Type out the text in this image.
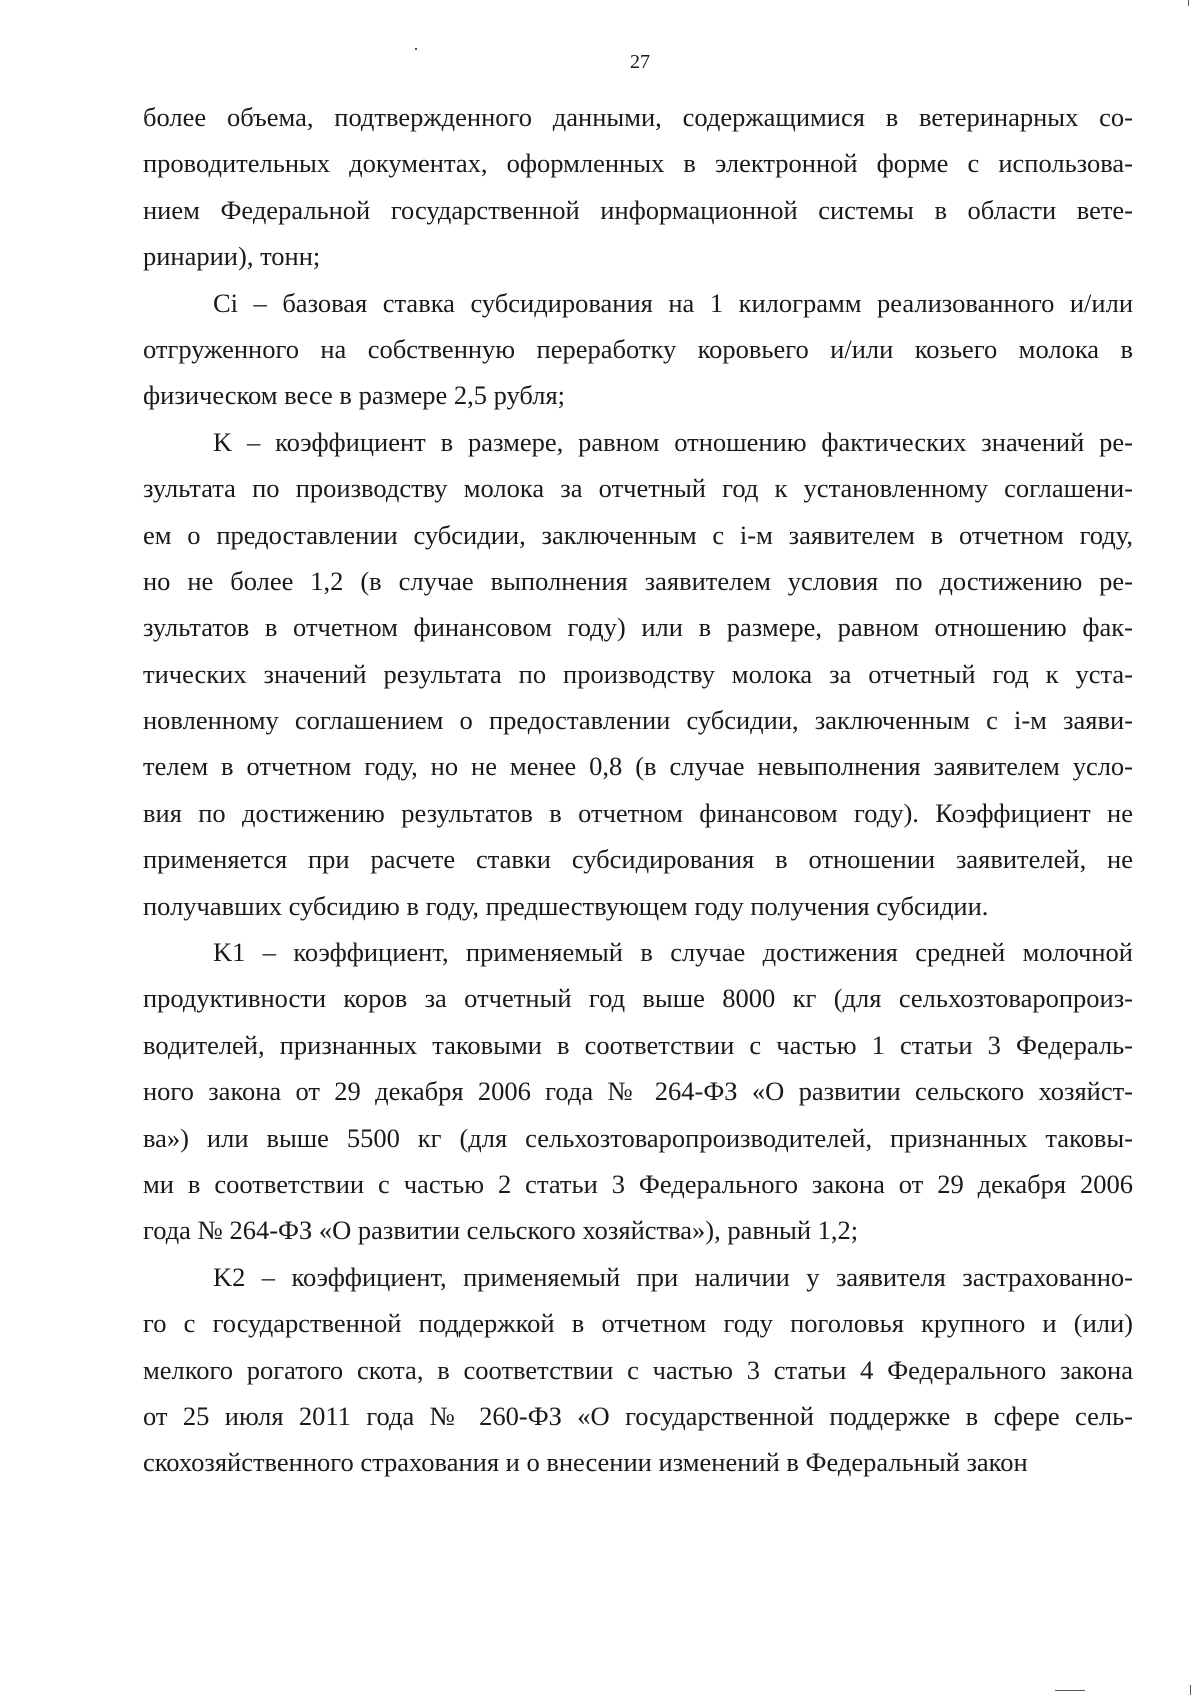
27
более объема, подтвержденного данными, содержащимися в ветеринарных со-
проводительных документах, оформленных в электронной форме с использова-
нием Федеральной государственной информационной системы в области вете-
ринарии), тонн;
Ci – базовая ставка субсидирования на 1 килограмм реализованного и/или
отгруженного на собственную переработку коровьего и/или козьего молока в
физическом весе в размере 2,5 рубля;
K – коэффициент в размере, равном отношению фактических значений ре-
зультата по производству молока за отчетный год к установленному соглашени-
ем о предоставлении субсидии, заключенным с i-м заявителем в отчетном году,
но не более 1,2 (в случае выполнения заявителем условия по достижению ре-
зультатов в отчетном финансовом году) или в размере, равном отношению фак-
тических значений результата по производству молока за отчетный год к уста-
новленному соглашением о предоставлении субсидии, заключенным с i-м заяви-
телем в отчетном году, но не менее 0,8 (в случае невыполнения заявителем усло-
вия по достижению результатов в отчетном финансовом году). Коэффициент не
применяется при расчете ставки субсидирования в отношении заявителей, не
получавших субсидию в году, предшествующем году получения субсидии.
K1 – коэффициент, применяемый в случае достижения средней молочной
продуктивности коров за отчетный год выше 8000 кг (для сельхозтоваропроиз-
водителей, признанных таковыми в соответствии с частью 1 статьи 3 Федераль-
ного закона от 29 декабря 2006 года № 264-ФЗ «О развитии сельского хозяйст-
ва») или выше 5500 кг (для сельхозтоваропроизводителей, признанных таковы-
ми в соответствии с частью 2 статьи 3 Федерального закона от 29 декабря 2006
года № 264-ФЗ «О развитии сельского хозяйства»), равный 1,2;
K2 – коэффициент, применяемый при наличии у заявителя застрахованно-
го с государственной поддержкой в отчетном году поголовья крупного и (или)
мелкого рогатого скота, в соответствии с частью 3 статьи 4 Федерального закона
от 25 июля 2011 года № 260-ФЗ «О государственной поддержке в сфере сель-
скохозяйственного страхования и о внесении изменений в Федеральный закон
